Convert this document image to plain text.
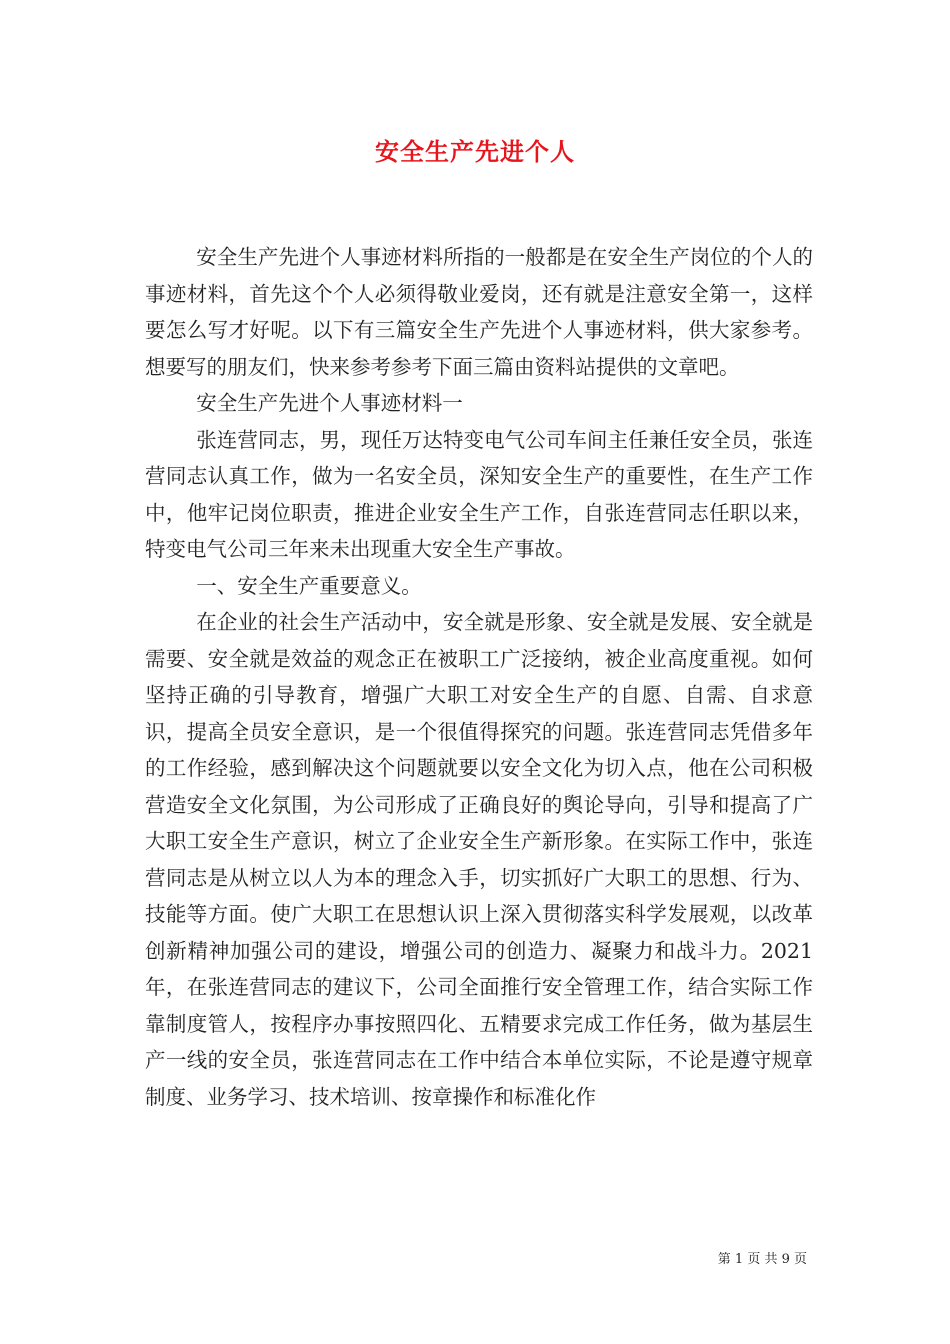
安全生产先进个人

安全生产先进个人事迹材料所指的一般都是在安全生产岗位的个人的事迹材料，首先这个个人必须得敬业爱岗，还有就是注意安全第一，这样要怎么写才好呢。以下有三篇安全生产先进个人事迹材料，供大家参考。想要写的朋友们，快来参考参考下面三篇由资料站提供的文章吧。

安全生产先进个人事迹材料一

张连营同志，男，现任万达特变电气公司车间主任兼任安全员，张连营同志认真工作，做为一名安全员，深知安全生产的重要性，在生产工作中，他牢记岗位职责，推进企业安全生产工作，自张连营同志任职以来，特变电气公司三年来未出现重大安全生产事故。

一、安全生产重要意义。

在企业的社会生产活动中，安全就是形象、安全就是发展、安全就是需要、安全就是效益的观念正在被职工广泛接纳，被企业高度重视。如何坚持正确的引导教育，增强广大职工对安全生产的自愿、自需、自求意识，提高全员安全意识，是一个很值得探究的问题。张连营同志凭借多年的工作经验，感到解决这个问题就要以安全文化为切入点，他在公司积极营造安全文化氛围，为公司形成了正确良好的舆论导向，引导和提高了广大职工安全生产意识，树立了企业安全生产新形象。在实际工作中，张连营同志是从树立以人为本的理念入手，切实抓好广大职工的思想、行为、技能等方面。使广大职工在思想认识上深入贯彻落实科学发展观，以改革创新精神加强公司的建设，增强公司的创造力、凝聚力和战斗力。2021年，在张连营同志的建议下，公司全面推行安全管理工作，结合实际工作靠制度管人，按程序办事按照四化、五精要求完成工作任务，做为基层生产一线的安全员，张连营同志在工作中结合本单位实际，不论是遵守规章制度、业务学习、技术培训、按章操作和标准化作

第 1 页 共 9 页
